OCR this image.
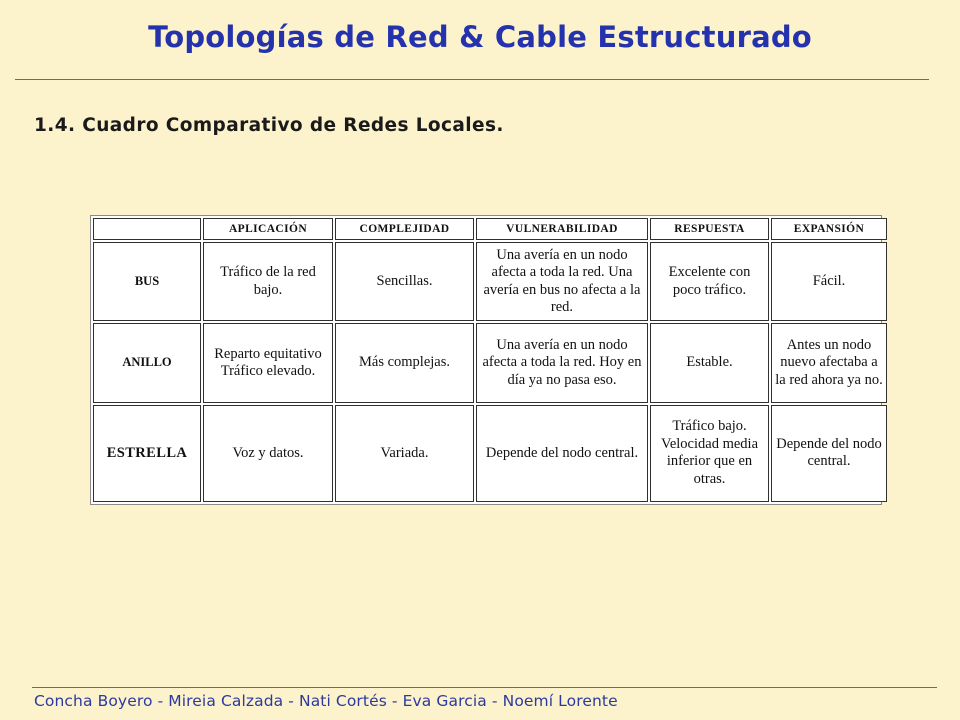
Topologías de Red & Cable Estructurado
1.4. Cuadro Comparativo de Redes Locales.
	APLICACIÓN	COMPLEJIDAD	VULNERABILIDAD	RESPUESTA	EXPANSIÓN
BUS	Tráfico de la red bajo.	Sencillas.	Una avería en un nodo afecta a toda la red. Una avería en bus no afecta a la red.	Excelente con poco tráfico.	Fácil.
ANILLO	Reparto equitativo Tráfico elevado.	Más complejas.	Una avería en un nodo afecta a toda la red. Hoy en día ya no pasa eso.	Estable.	Antes un nodo nuevo afectaba a la red ahora ya no.
ESTRELLA	Voz y datos.	Variada.	Depende del nodo central.	Tráfico bajo. Velocidad media inferior que en otras.	Depende del nodo central.
Concha Boyero - Mireia Calzada - Nati Cortés - Eva Garcia - Noemí Lorente
